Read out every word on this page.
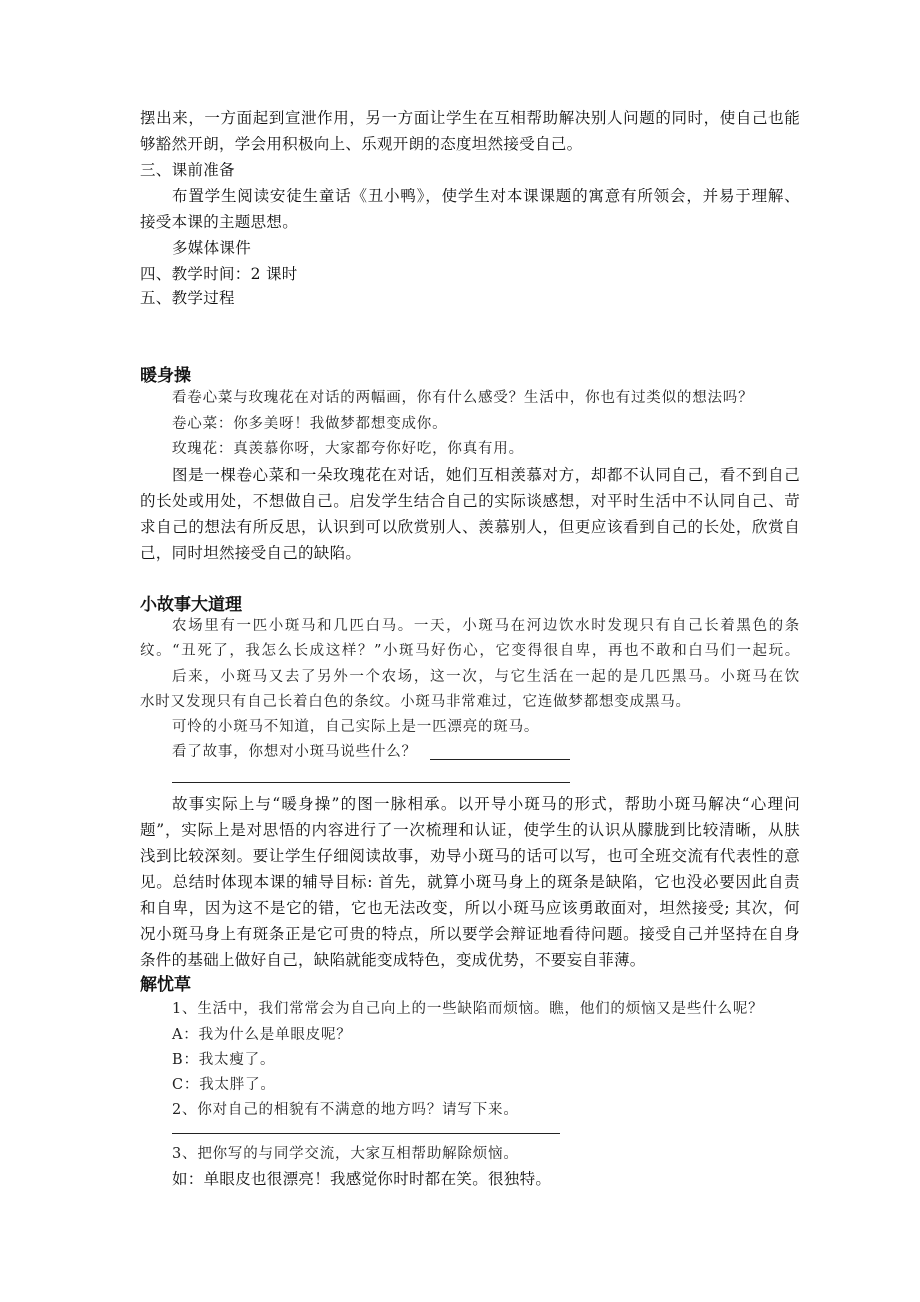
摆出来，一方面起到宣泄作用，另一方面让学生在互相帮助解决别人问题的同时，使自己也能
够豁然开朗，学会用积极向上、乐观开朗的态度坦然接受自己。
三、课前准备
布置学生阅读安徒生童话《丑小鸭》，使学生对本课课题的寓意有所领会，并易于理解、
接受本课的主题思想。
多媒体课件
四、教学时间：2 课时
五、教学过程
暖身操
看卷心菜与玫瑰花在对话的两幅画，你有什么感受？生活中，你也有过类似的想法吗？
卷心菜：你多美呀！我做梦都想变成你。
玫瑰花：真羡慕你呀，大家都夸你好吃，你真有用。
图是一棵卷心菜和一朵玫瑰花在对话，她们互相羡慕对方，却都不认同自己，看不到自己
的长处或用处，不想做自己。启发学生结合自己的实际谈感想，对平时生活中不认同自己、苛
求自己的想法有所反思，认识到可以欣赏别人、羡慕别人，但更应该看到自己的长处，欣赏自
己，同时坦然接受自己的缺陷。
小故事大道理
农场里有一匹小斑马和几匹白马。一天，小斑马在河边饮水时发现只有自己长着黑色的条
纹。“丑死了，我怎么长成这样？”小斑马好伤心，它变得很自卑，再也不敢和白马们一起玩。
后来，小斑马又去了另外一个农场，这一次，与它生活在一起的是几匹黑马。小斑马在饮
水时又发现只有自己长着白色的条纹。小斑马非常难过，它连做梦都想变成黑马。
可怜的小斑马不知道，自己实际上是一匹漂亮的斑马。
看了故事，你想对小斑马说些什么？
故事实际上与“暖身操”的图一脉相承。以开导小斑马的形式，帮助小斑马解决“心理问
题”，实际上是对思悟的内容进行了一次梳理和认证，使学生的认识从朦胧到比较清晰，从肤
浅到比较深刻。要让学生仔细阅读故事，劝导小斑马的话可以写，也可全班交流有代表性的意
见。总结时体现本课的辅导目标: 首先，就算小斑马身上的斑条是缺陷，它也没必要因此自责
和自卑，因为这不是它的错，它也无法改变，所以小斑马应该勇敢面对，坦然接受; 其次，何
况小斑马身上有斑条正是它可贵的特点，所以要学会辩证地看待问题。接受自己并坚持在自身
条件的基础上做好自己，缺陷就能变成特色，变成优势，不要妄自菲薄。
解忧草
1、生活中，我们常常会为自己向上的一些缺陷而烦恼。瞧，他们的烦恼又是些什么呢？
A：我为什么是单眼皮呢？
B：我太瘦了。
C：我太胖了。
2、你对自己的相貌有不满意的地方吗？请写下来。
3、把你写的与同学交流，大家互相帮助解除烦恼。
如：单眼皮也很漂亮！我感觉你时时都在笑。很独特。
